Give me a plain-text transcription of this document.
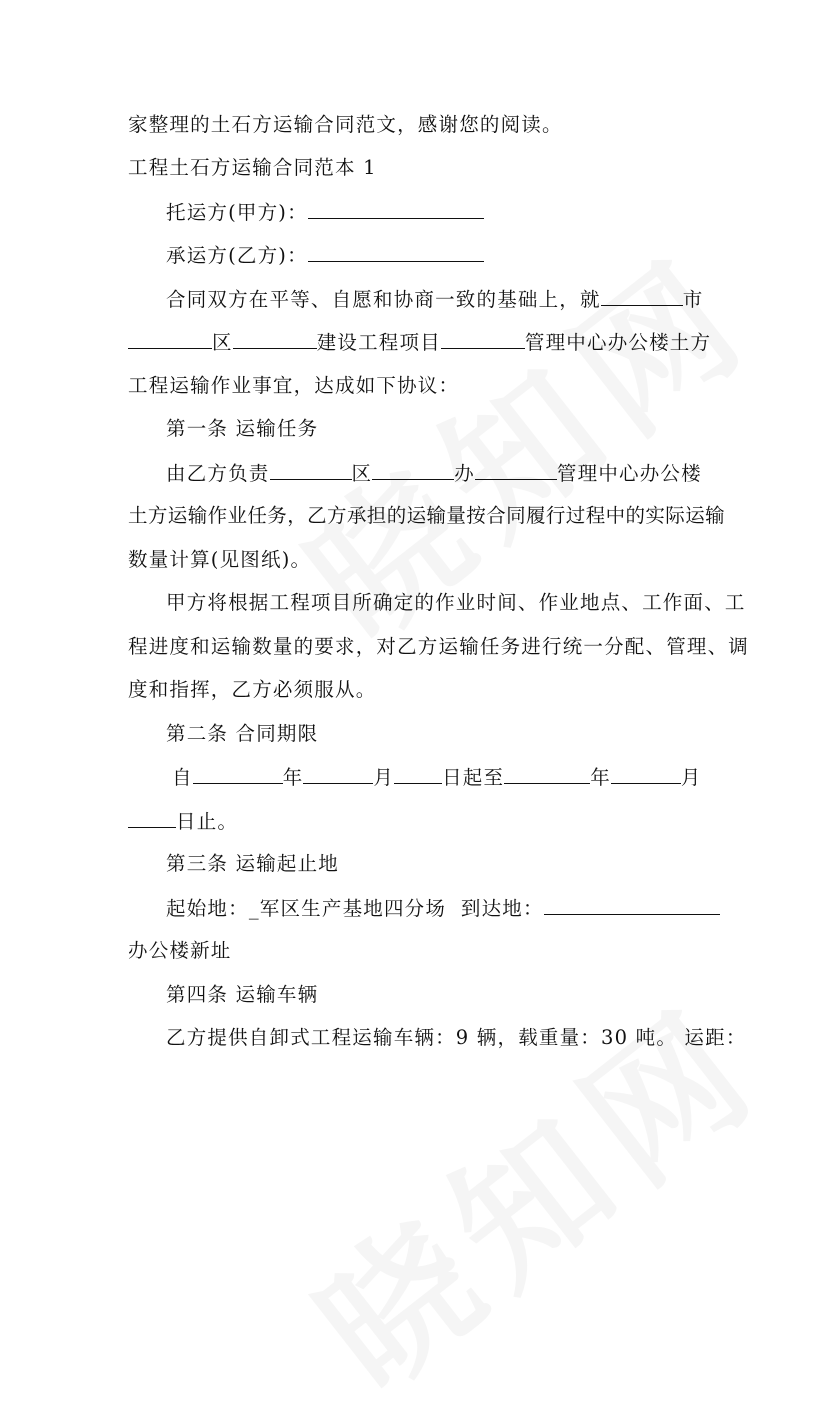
家整理的土石方运输合同范文，感谢您的阅读。
工程土石方运输合同范本 1
托运方(甲方)：
承运方(乙方)：
合同双方在平等、自愿和协商一致的基础上，就	市
区	建设工程项目	管理中心办公楼土方
工程运输作业事宜，达成如下协议：
第一条 运输任务
由乙方负责	区	办	管理中心办公楼
土方运输作业任务，乙方承担的运输量按合同履行过程中的实际运输
数量计算(见图纸)。
甲方将根据工程项目所确定的作业时间、作业地点、工作面、工
程进度和运输数量的要求，对乙方运输任务进行统一分配、管理、调
度和指挥，乙方必须服从。
第二条 合同期限
自	年	月 日起至	年	月
日止。
第三条 运输起止地
起始地：_军区生产基地四分场 到达地：
办公楼新址
第四条 运输车辆
乙方提供自卸式工程运输车辆：9 辆，载重量：30 吨。 运距：
